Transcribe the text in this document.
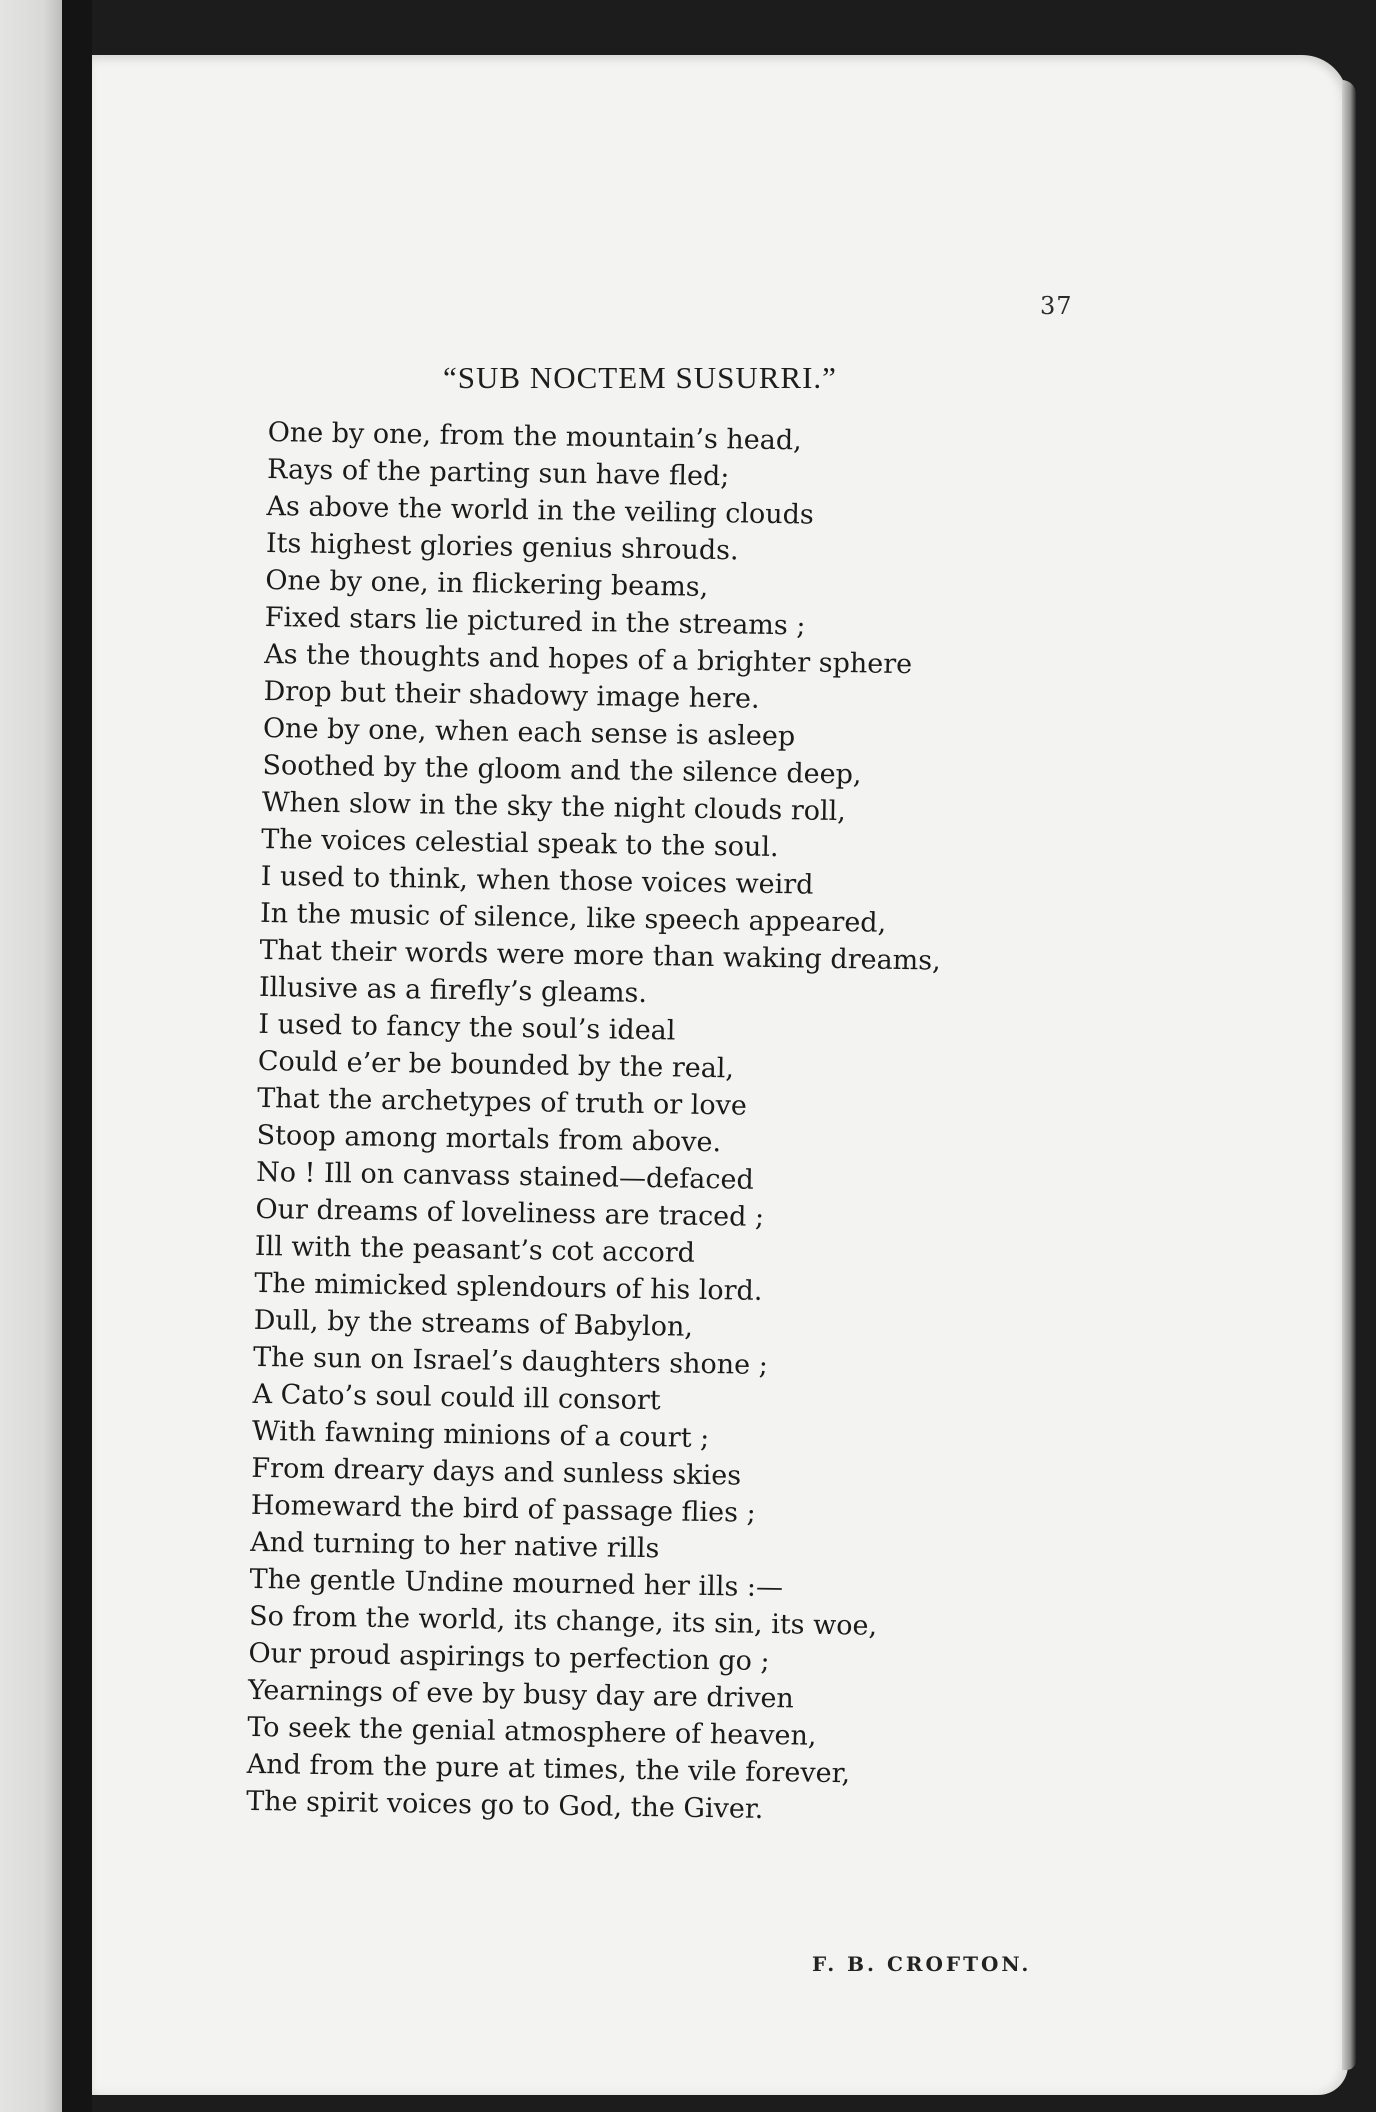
37
“SUB NOCTEM SUSURRI.”
One by one, from the mountain’s head,
Rays of the parting sun have fled;
As above the world in the veiling clouds
Its highest glories genius shrouds.
One by one, in flickering beams,
Fixed stars lie pictured in the streams ;
As the thoughts and hopes of a brighter sphere
Drop but their shadowy image here.
One by one, when each sense is asleep
Soothed by the gloom and the silence deep,
When slow in the sky the night clouds roll,
The voices celestial speak to the soul.
I used to think, when those voices weird
In the music of silence, like speech appeared,
That their words were more than waking dreams,
Illusive as a firefly’s gleams.
I used to fancy the soul’s ideal
Could e’er be bounded by the real,
That the archetypes of truth or love
Stoop among mortals from above.
No ! Ill on canvass stained—defaced
Our dreams of loveliness are traced ;
Ill with the peasant’s cot accord
The mimicked splendours of his lord.
Dull, by the streams of Babylon,
The sun on Israel’s daughters shone ;
A Cato’s soul could ill consort
With fawning minions of a court ;
From dreary days and sunless skies
Homeward the bird of passage flies ;
And turning to her native rills
The gentle Undine mourned her ills :—
So from the world, its change, its sin, its woe,
Our proud aspirings to perfection go ;
Yearnings of eve by busy day are driven
To seek the genial atmosphere of heaven,
And from the pure at times, the vile forever,
The spirit voices go to God, the Giver.
F. B. CROFTON.
